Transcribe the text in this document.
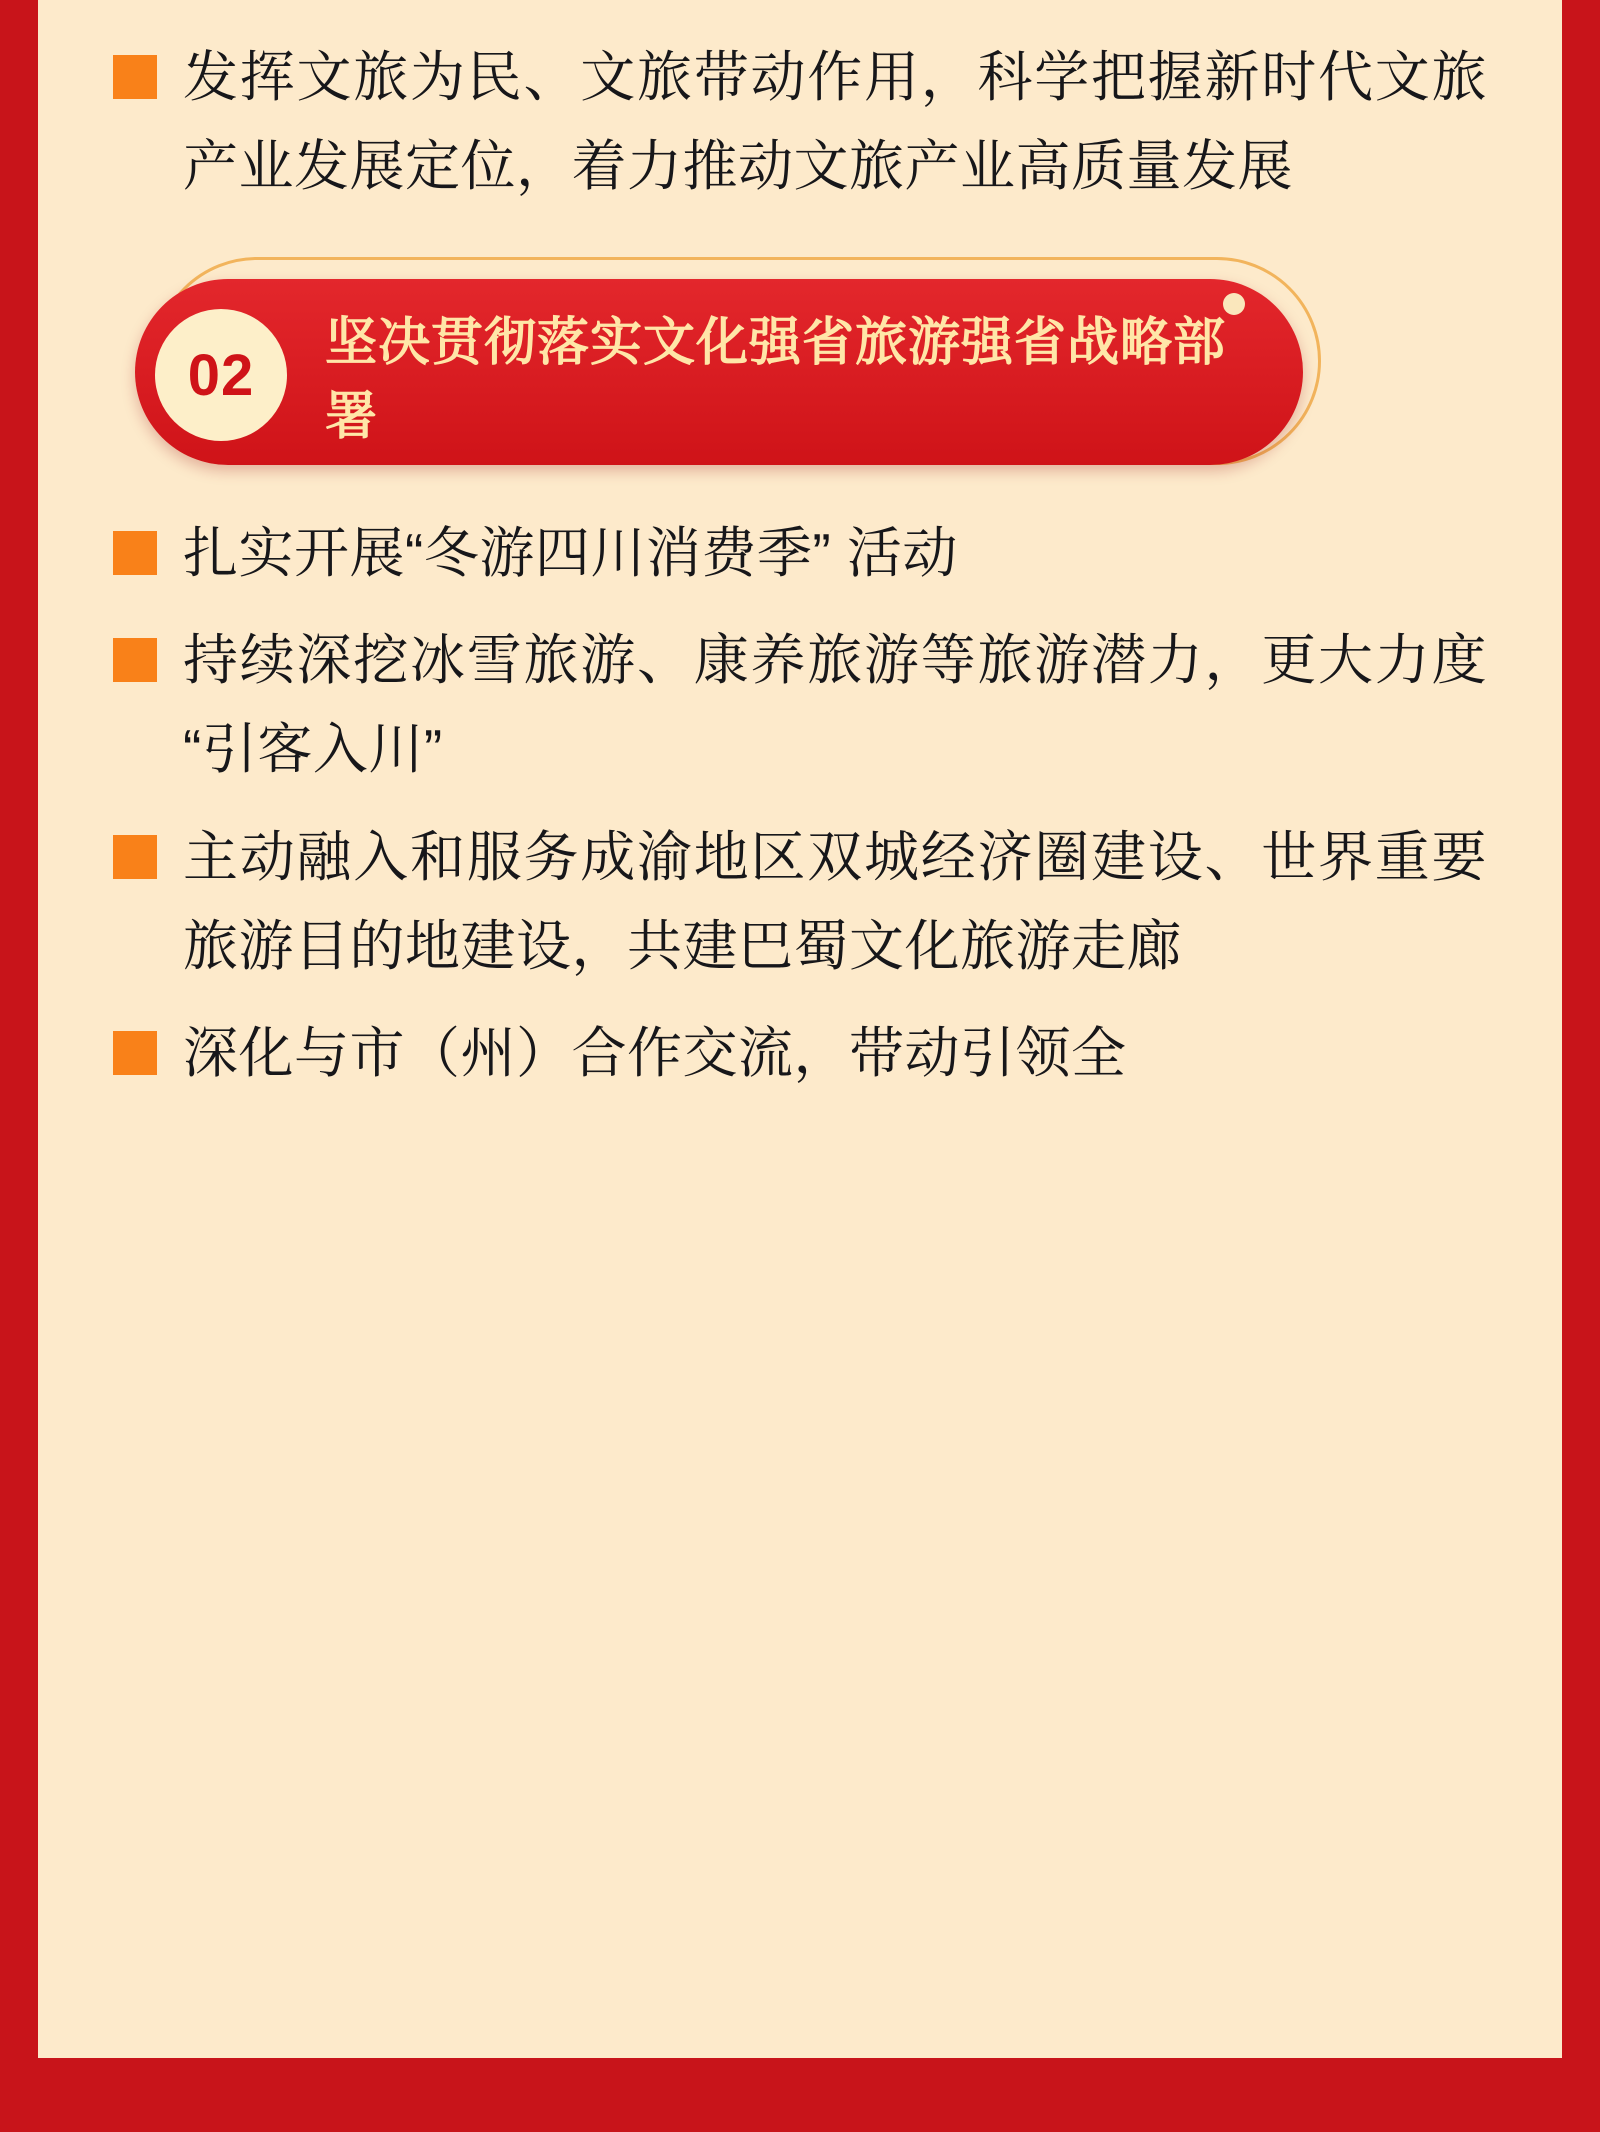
发挥文旅为民、文旅带动作用，科学把握新时代文旅产业发展定位，着力推动文旅产业高质量发展
02 坚决贯彻落实文化强省旅游强省战略部署
扎实开展“冬游四川消费季” 活动
持续深挖冰雪旅游、康养旅游等旅游潜力，更大力度“引客入川”
主动融入和服务成渝地区双城经济圈建设、世界重要旅游目的地建设，共建巴蜀文化旅游走廊
深化与市（州）合作交流，带动引领全
